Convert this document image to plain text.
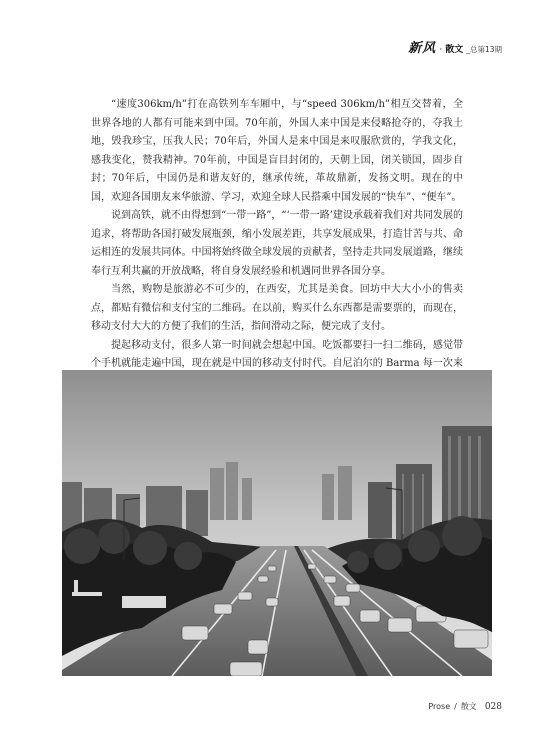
新风 · 散文 _总第13期

“速度306km/h”打在高铁列车车厢中，与“speed 306km/h”相互交替着，全世界各地的人都有可能来到中国。70年前，外国人来中国是来侵略抢夺的，夺我土地，毁我珍宝，压我人民；70年后，外国人是来中国是来叹服欣赏的，学我文化，感我变化，赞我精神。70年前，中国是盲目封闭的，天朝上国，闭关锁国，固步自封；70年后，中国仍是和谐友好的，继承传统，革故鼎新，发扬文明。现在的中国，欢迎各国朋友来华旅游、学习，欢迎全球人民搭乘中国发展的“快车”、“便车”。

说到高铁，就不由得想到“一带一路”，“‘一带一路’建设承载着我们对共同发展的追求，将帮助各国打破发展瓶颈，缩小发展差距，共享发展成果，打造甘苦与共、命运相连的发展共同体。中国将始终做全球发展的贡献者，坚持走共同发展道路，继续奉行互利共赢的开放战略，将自身发展经验和机遇同世界各国分享。

当然，购物是旅游必不可少的，在西安，尤其是美食。回坊中大大小小的售卖点，都贴有微信和支付宝的二维码。在以前，购买什么东西都是需要票的，而现在，移动支付大大的方便了我们的生活，指间滑动之际，便完成了支付。

提起移动支付，很多人第一时间就会想起中国。吃饭都要扫一扫二维码，感觉带个手机就能走遍中国，现在就是中国的移动支付时代。自尼泊尔的 Barma 每一次来

Prose / 散文 028
